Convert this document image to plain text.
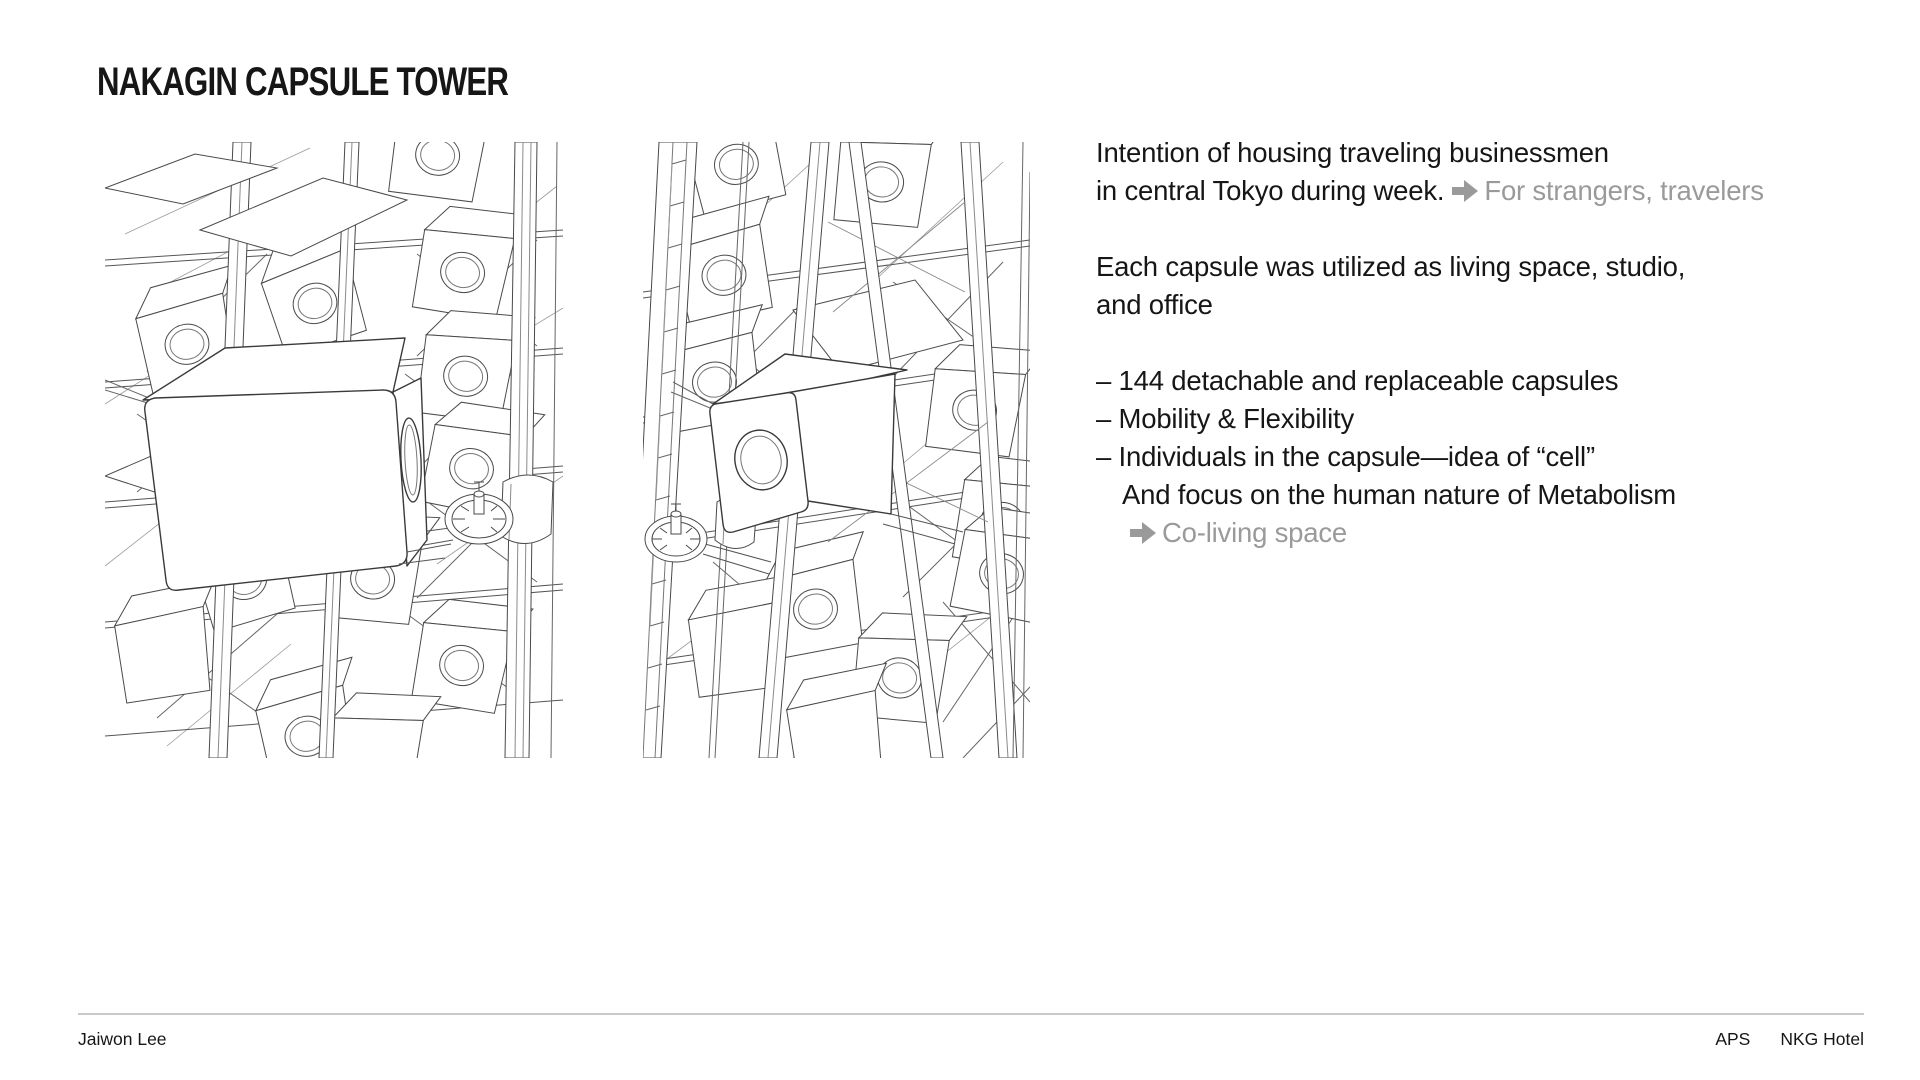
NAKAGIN CAPSULE TOWER

Intention of housing traveling businessmen
in central Tokyo during week. For strangers, travelers

Each capsule was utilized as living space, studio,
and office

– 144 detachable and replaceable capsules
– Mobility & Flexibility
– Individuals in the capsule—idea of “cell”
And focus on the human nature of Metabolism
Co-living space
Jaiwon Lee	APS NKG Hotel
